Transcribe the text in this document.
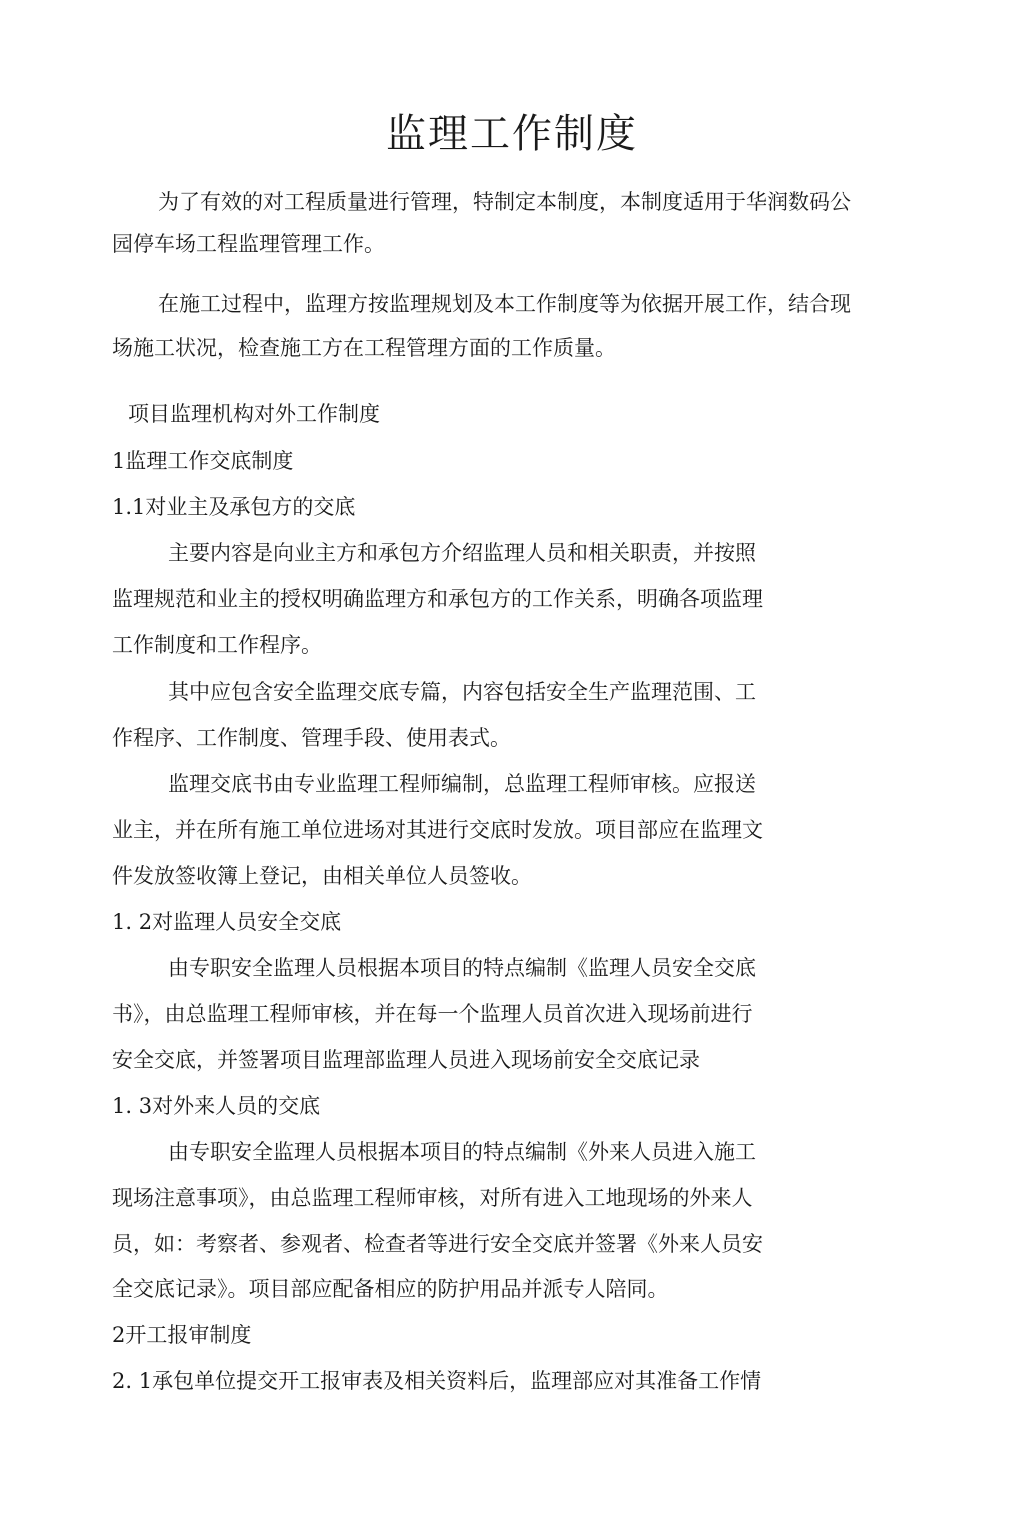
监理工作制度

为了有效的对工程质量进行管理，特制定本制度，本制度适用于华润数码公

园停车场工程监理管理工作。

在施工过程中，监理方按监理规划及本工作制度等为依据开展工作，结合现

场施工状况，检查施工方在工程管理方面的工作质量。

项目监理机构对外工作制度

1监理工作交底制度

1.1对业主及承包方的交底

主要内容是向业主方和承包方介绍监理人员和相关职责，并按照

监理规范和业主的授权明确监理方和承包方的工作关系，明确各项监理

工作制度和工作程序。

其中应包含安全监理交底专篇，内容包括安全生产监理范围、工

作程序、工作制度、管理手段、使用表式。

监理交底书由专业监理工程师编制，总监理工程师审核。应报送

业主，并在所有施工单位进场对其进行交底时发放。项目部应在监理文

件发放签收簿上登记，由相关单位人员签收。

1. 2对监理人员安全交底

由专职安全监理人员根据本项目的特点编制《监理人员安全交底

书》，由总监理工程师审核，并在每一个监理人员首次进入现场前进行

安全交底，并签署项目监理部监理人员进入现场前安全交底记录

1. 3对外来人员的交底

由专职安全监理人员根据本项目的特点编制《外来人员进入施工

现场注意事项》，由总监理工程师审核，对所有进入工地现场的外来人

员，如：考察者、参观者、检查者等进行安全交底并签署《外来人员安

全交底记录》。项目部应配备相应的防护用品并派专人陪同。

2开工报审制度

2. 1承包单位提交开工报审表及相关资料后，监理部应对其准备工作情
